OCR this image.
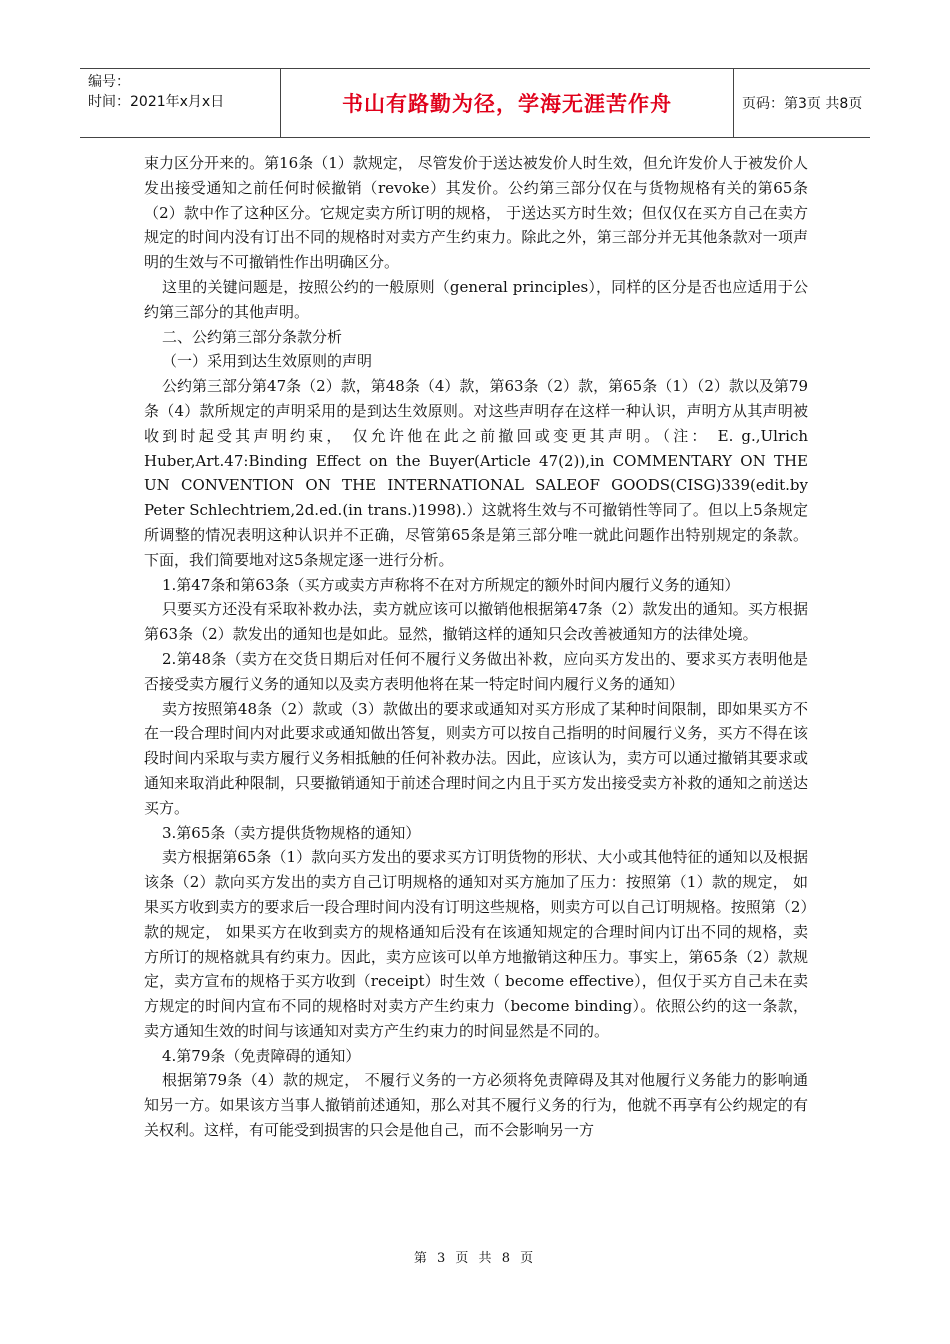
编号：
时间：2021年x月x日	书山有路勤为径，学海无涯苦作舟	页码：第3页 共8页

束力区分开来的。第16条（1）款规定， 尽管发价于送达被发价人时生效，但允许发价人于被发价人发出接受通知之前任何时候撤销（revoke）其发价。公约第三部分仅在与货物规格有关的第65条（2）款中作了这种区分。它规定卖方所订明的规格， 于送达买方时生效；但仅仅在买方自己在卖方规定的时间内没有订出不同的规格时对卖方产生约束力。除此之外，第三部分并无其他条款对一项声明的生效与不可撤销性作出明确区分。

这里的关键问题是，按照公约的一般原则（general principles），同样的区分是否也应适用于公约第三部分的其他声明。

二、公约第三部分条款分析

（一）采用到达生效原则的声明

公约第三部分第47条（2）款，第48条（4）款，第63条（2）款，第65条（1）（2）款以及第79条（4）款所规定的声明采用的是到达生效原则。对这些声明存在这样一种认识，声明方从其声明被收到时起受其声明约束， 仅允许他在此之前撤回或变更其声明。（注： E. g.,Ulrich Huber,Art.47:Binding Effect on the Buyer(Article 47(2)),in COMMENTARY ON THE UN CONVENTION ON THE INTERNATIONAL SALEOF GOODS(CISG)339(edit.by Peter Schlechtriem,2d.ed.(in trans.)1998).）这就将生效与不可撤销性等同了。但以上5条规定所调整的情况表明这种认识并不正确，尽管第65条是第三部分唯一就此问题作出特别规定的条款。下面，我们简要地对这5条规定逐一进行分析。

1.第47条和第63条（买方或卖方声称将不在对方所规定的额外时间内履行义务的通知）

只要买方还没有采取补救办法，卖方就应该可以撤销他根据第47条（2）款发出的通知。买方根据第63条（2）款发出的通知也是如此。显然，撤销这样的通知只会改善被通知方的法律处境。

2.第48条（卖方在交货日期后对任何不履行义务做出补救，应向买方发出的、要求买方表明他是否接受卖方履行义务的通知以及卖方表明他将在某一特定时间内履行义务的通知）

卖方按照第48条（2）款或（3）款做出的要求或通知对买方形成了某种时间限制，即如果买方不在一段合理时间内对此要求或通知做出答复，则卖方可以按自己指明的时间履行义务，买方不得在该段时间内采取与卖方履行义务相抵触的任何补救办法。因此，应该认为，卖方可以通过撤销其要求或通知来取消此种限制，只要撤销通知于前述合理时间之内且于买方发出接受卖方补救的通知之前送达买方。

3.第65条（卖方提供货物规格的通知）

卖方根据第65条（1）款向买方发出的要求买方订明货物的形状、大小或其他特征的通知以及根据该条（2）款向买方发出的卖方自己订明规格的通知对买方施加了压力：按照第（1）款的规定， 如果买方收到卖方的要求后一段合理时间内没有订明这些规格，则卖方可以自己订明规格。按照第（2）款的规定， 如果买方在收到卖方的规格通知后没有在该通知规定的合理时间内订出不同的规格，卖方所订的规格就具有约束力。因此，卖方应该可以单方地撤销这种压力。事实上，第65条（2）款规定，卖方宣布的规格于买方收到（receipt）时生效（ become effective），但仅于买方自己未在卖方规定的时间内宣布不同的规格时对卖方产生约束力（become binding）。依照公约的这一条款，卖方通知生效的时间与该通知对卖方产生约束力的时间显然是不同的。

4.第79条（免责障碍的通知）

根据第79条（4）款的规定， 不履行义务的一方必须将免责障碍及其对他履行义务能力的影响通知另一方。如果该方当事人撤销前述通知，那么对其不履行义务的行为，他就不再享有公约规定的有关权利。这样，有可能受到损害的只会是他自己，而不会影响另一方

第 3 页 共 8 页
